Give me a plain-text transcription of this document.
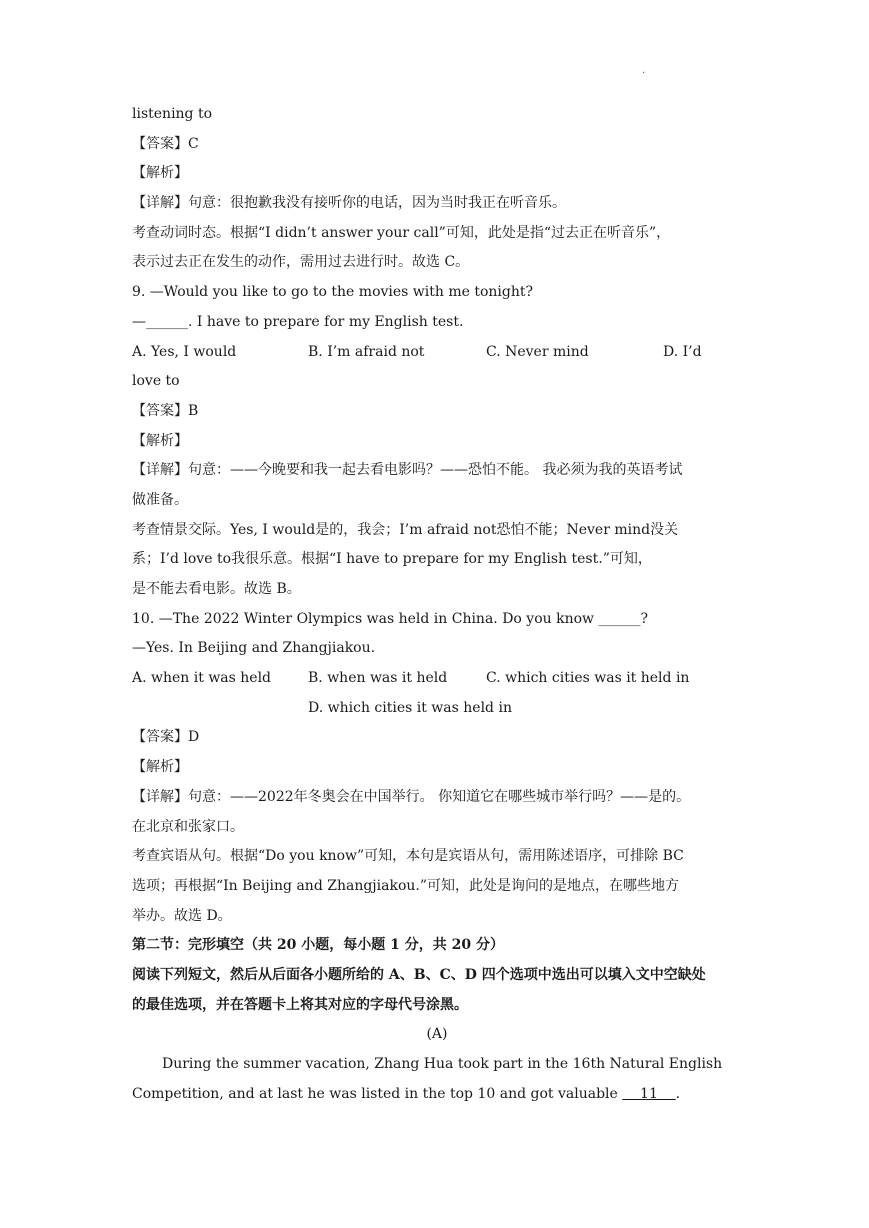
·
listening to
【答案】C
【解析】
【详解】句意：很抱歉我没有接听你的电话，因为当时我正在听音乐。
考查动词时态。根据“I didn’t answer your call”可知，此处是指“过去正在听音乐”，
表示过去正在发生的动作，需用过去进行时。故选 C。
9. —Would you like to go to the movies with me tonight?
—______. I have to prepare for my English test.
A. Yes, I would	B. I’m afraid not	C. Never mind	D. I’d
love to
【答案】B
【解析】
【详解】句意：——今晚要和我一起去看电影吗？——恐怕不能。 我必须为我的英语考试
做准备。
考查情景交际。Yes, I would是的，我会；I’m afraid not恐怕不能；Never mind没关
系；I’d love to我很乐意。根据“I have to prepare for my English test.”可知，
是不能去看电影。故选 B。
10. —The 2022 Winter Olympics was held in China. Do you know ______?
—Yes. In Beijing and Zhangjiakou.
A. when it was held	B. when was it held	C. which cities was it held in
D. which cities it was held in
【答案】D
【解析】
【详解】句意：——2022年冬奥会在中国举行。 你知道它在哪些城市举行吗？——是的。
在北京和张家口。
考查宾语从句。根据“Do you know”可知，本句是宾语从句，需用陈述语序，可排除 BC
选项；再根据“In Beijing and Zhangjiakou.”可知，此处是询问的是地点，在哪些地方
举办。故选 D。
第二节：完形填空（共 20 小题，每小题 1 分，共 20 分）
阅读下列短文，然后从后面各小题所给的 A、B、C、D 四个选项中选出可以填入文中空缺处
的最佳选项，并在答题卡上将其对应的字母代号涂黑。
(A)
During the summer vacation, Zhang Hua took part in the 16th Natural English
Competition, and at last he was listed in the top 10 and got valuable     11    .
